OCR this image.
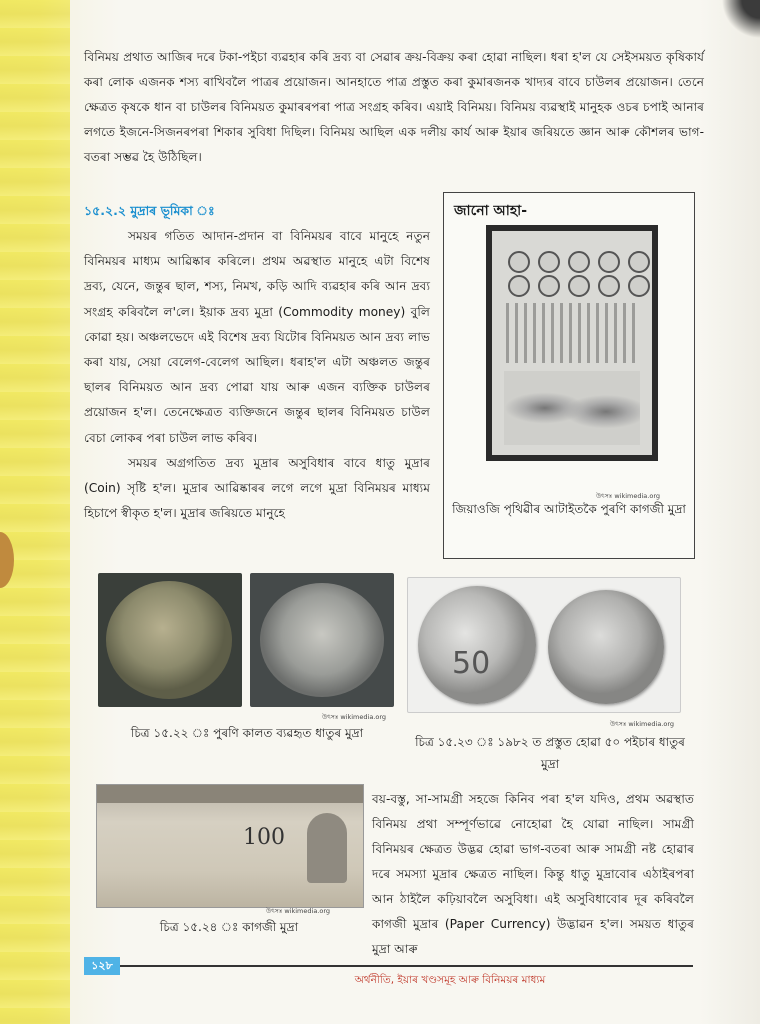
বিনিময় প্ৰথাত আজিৰ দৰে টকা-পইচা ব্যৱহাৰ কৰি দ্ৰব্য বা সেৱাৰ ক্ৰয়-বিক্ৰয় কৰা হোৱা নাছিল। ধৰা হ'ল যে সেইসময়ত কৃষিকাৰ্য কৰা লোক এজনক শস্য ৰাখিবলৈ পাত্ৰৰ প্ৰয়োজন। আনহাতে পাত্ৰ প্ৰস্তুত কৰা কুমাৰজনক খাদ্যৰ বাবে চাউলৰ প্ৰয়োজন। তেনে ক্ষেত্ৰত কৃষকে ধান বা চাউলৰ বিনিময়ত কুমাৰৰপৰা পাত্ৰ সংগ্ৰহ কৰিব। এয়াই বিনিময়। বিনিময় ব্যৱস্থাই মানুহক ওচৰ চপাই আনাৰ লগতে ইজনে-সিজনৰপৰা শিকাৰ সুবিধা দিছিল। বিনিময় আছিল এক দলীয় কাৰ্য আৰু ইয়াৰ জৰিয়তে জ্ঞান আৰু কৌশলৰ ভাগ-বতৰা সম্ভৱ হৈ উঠিছিল।
১৫.২.২ মুদ্ৰাৰ ভূমিকা ঃ
সময়ৰ গতিত আদান-প্ৰদান বা বিনিময়ৰ বাবে মানুহে নতুন বিনিময়ৰ মাধ্যম আৱিষ্কাৰ কৰিলে। প্ৰথম অৱস্থাত মানুহে এটা বিশেষ দ্ৰব্য, যেনে, জন্তুৰ ছাল, শস্য, নিমখ, কড়ি আদি ব্যৱহাৰ কৰি আন দ্ৰব্য সংগ্ৰহ কৰিবলৈ ল'লে। ইয়াক দ্ৰব্য মুদ্ৰা (Commodity money) বুলি কোৱা হয়। অঞ্চলভেদে এই বিশেষ দ্ৰব্য যিটোৰ বিনিময়ত আন দ্ৰব্য লাভ কৰা যায়, সেয়া বেলেগ-বেলেগ আছিল। ধৰাহ'ল এটা অঞ্চলত জন্তুৰ ছালৰ বিনিময়ত আন দ্ৰব্য পোৱা যায় আৰু এজন ব্যক্তিক চাউলৰ প্ৰয়োজন হ'ল। তেনেক্ষেত্ৰত ব্যক্তিজনে জন্তুৰ ছালৰ বিনিময়ত চাউল বেচা লোকৰ পৰা চাউল লাভ কৰিব।
সময়ৰ অগ্ৰগতিত দ্ৰব্য মুদ্ৰাৰ অসুবিধাৰ বাবে ধাতু মুদ্ৰাৰ (Coin) সৃষ্টি হ'ল। মুদ্ৰাৰ আৱিষ্কাৰৰ লগে লগে মুদ্ৰা বিনিময়ৰ মাধ্যম হিচাপে স্বীকৃত হ'ল। মুদ্ৰাৰ জৰিয়তে মানুহে
জানো আহা-
উৎসঃ wikimedia.org
জিয়াওজি পৃথিৱীৰ আটাইতকৈ পুৰণি কাগজী মুদ্ৰা
50
উৎসঃ wikimedia.org
উৎসঃ wikimedia.org
চিত্ৰ ১৫.২২ ঃ পুৰণি কালত ব্যৱহৃত ধাতুৰ মুদ্ৰা
চিত্ৰ ১৫.২৩ ঃ ১৯৮২ ত প্ৰস্তুত হোৱা ৫০ পইচাৰ ধাতুৰ মুদ্ৰা
100
উৎসঃ wikimedia.org
চিত্ৰ ১৫.২৪ ঃ কাগজী মুদ্ৰা
বয়-বস্তু, সা-সামগ্ৰী সহজে কিনিব পৰা হ'ল যদিও, প্ৰথম অৱস্থাত বিনিময় প্ৰথা সম্পূৰ্ণভাৱে নোহোৱা হৈ যোৱা নাছিল। সামগ্ৰী বিনিময়ৰ ক্ষেত্ৰত উদ্ভৱ হোৱা ভাগ-বতৰা আৰু সামগ্ৰী নষ্ট হোৱাৰ দৰে সমস্যা মুদ্ৰাৰ ক্ষেত্ৰত নাছিল। কিন্তু ধাতু মুদ্ৰাবোৰ এঠাইৰপৰা আন ঠাইলৈ কঢ়িয়াবলৈ অসুবিধা। এই অসুবিধাবোৰ দূৰ কৰিবলৈ কাগজী মুদ্ৰাৰ (Paper Currency) উদ্ভাৱন হ'ল। সময়ত ধাতুৰ মুদ্ৰা আৰু
১২৮
অৰ্থনীতি, ইয়াৰ খণ্ডসমূহ আৰু বিনিময়ৰ মাধ্যম
